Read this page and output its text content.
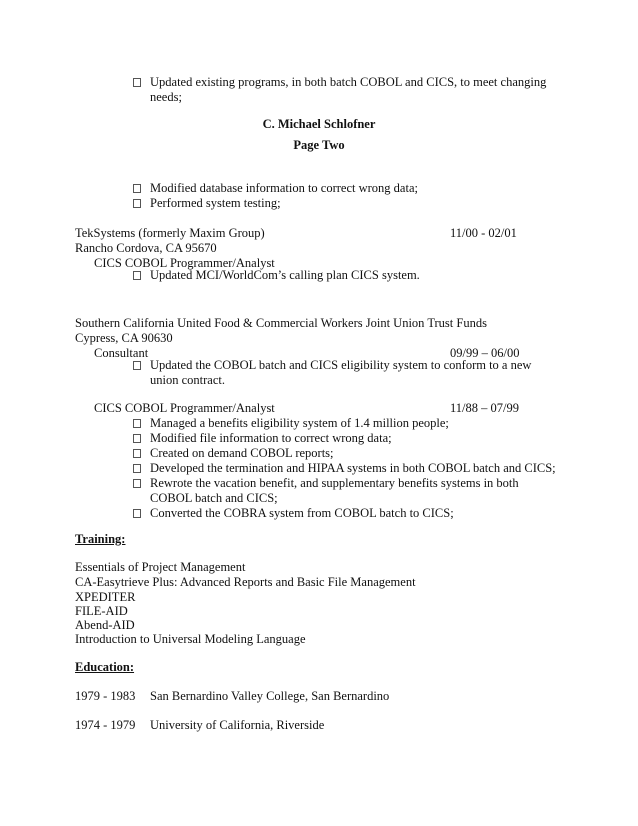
Updated existing programs, in both batch COBOL and CICS, to meet changing
needs;
C. Michael Schlofner
Page Two
Modified database information to correct wrong data;
Performed system testing;
TekSystems (formerly Maxim Group)	11/00 - 02/01
Rancho Cordova, CA 95670
CICS COBOL Programmer/Analyst
Updated MCI/WorldCom’s calling plan CICS system.
Southern California United Food & Commercial Workers Joint Union Trust Funds
Cypress, CA 90630
Consultant	09/99 – 06/00
Updated the COBOL batch and CICS eligibility system to conform to a new
union contract.
CICS COBOL Programmer/Analyst	11/88 – 07/99
Managed a benefits eligibility system of 1.4 million people;
Modified file information to correct wrong data;
Created on demand COBOL reports;
Developed the termination and HIPAA systems in both COBOL batch and CICS;
Rewrote the vacation benefit, and supplementary benefits systems in both
COBOL batch and CICS;
Converted the COBRA system from COBOL batch to CICS;
Training:
Essentials of Project Management
CA-Easytrieve Plus: Advanced Reports and Basic File Management
XPEDITER
FILE-AID
Abend-AID
Introduction to Universal Modeling Language
Education:
1979 - 1983 San Bernardino Valley College, San Bernardino
1974 - 1979 University of California, Riverside
